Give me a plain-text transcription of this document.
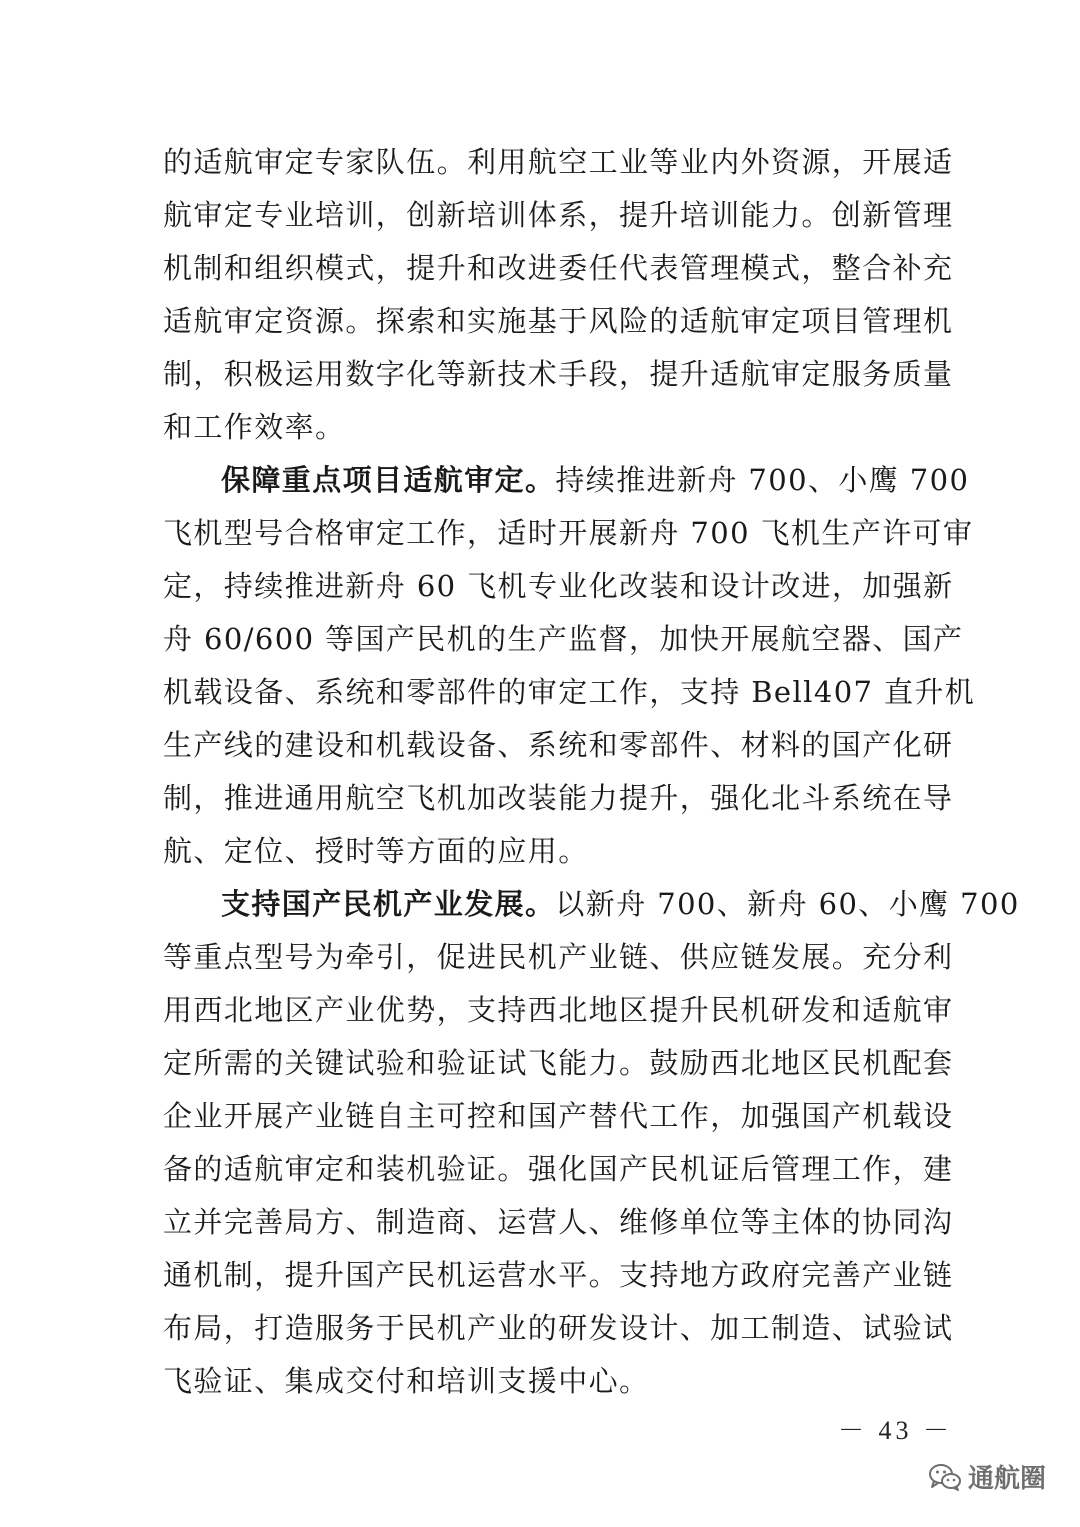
的适航审定专家队伍。利用航空工业等业内外资源，开展适
航审定专业培训，创新培训体系，提升培训能力。创新管理
机制和组织模式，提升和改进委任代表管理模式，整合补充
适航审定资源。探索和实施基于风险的适航审定项目管理机
制，积极运用数字化等新技术手段，提升适航审定服务质量
和工作效率。
保障重点项目适航审定。持续推进新舟 700、小鹰 700
飞机型号合格审定工作，适时开展新舟 700 飞机生产许可审
定，持续推进新舟 60 飞机专业化改装和设计改进，加强新
舟 60/600 等国产民机的生产监督，加快开展航空器、国产
机载设备、系统和零部件的审定工作，支持 Bell407 直升机
生产线的建设和机载设备、系统和零部件、材料的国产化研
制，推进通用航空飞机加改装能力提升，强化北斗系统在导
航、定位、授时等方面的应用。
支持国产民机产业发展。以新舟 700、新舟 60、小鹰 700
等重点型号为牵引，促进民机产业链、供应链发展。充分利
用西北地区产业优势，支持西北地区提升民机研发和适航审
定所需的关键试验和验证试飞能力。鼓励西北地区民机配套
企业开展产业链自主可控和国产替代工作，加强国产机载设
备的适航审定和装机验证。强化国产民机证后管理工作，建
立并完善局方、制造商、运营人、维修单位等主体的协同沟
通机制，提升国产民机运营水平。支持地方政府完善产业链
布局，打造服务于民机产业的研发设计、加工制造、试验试
飞验证、集成交付和培训支援中心。
－ 43 －
通航圈
